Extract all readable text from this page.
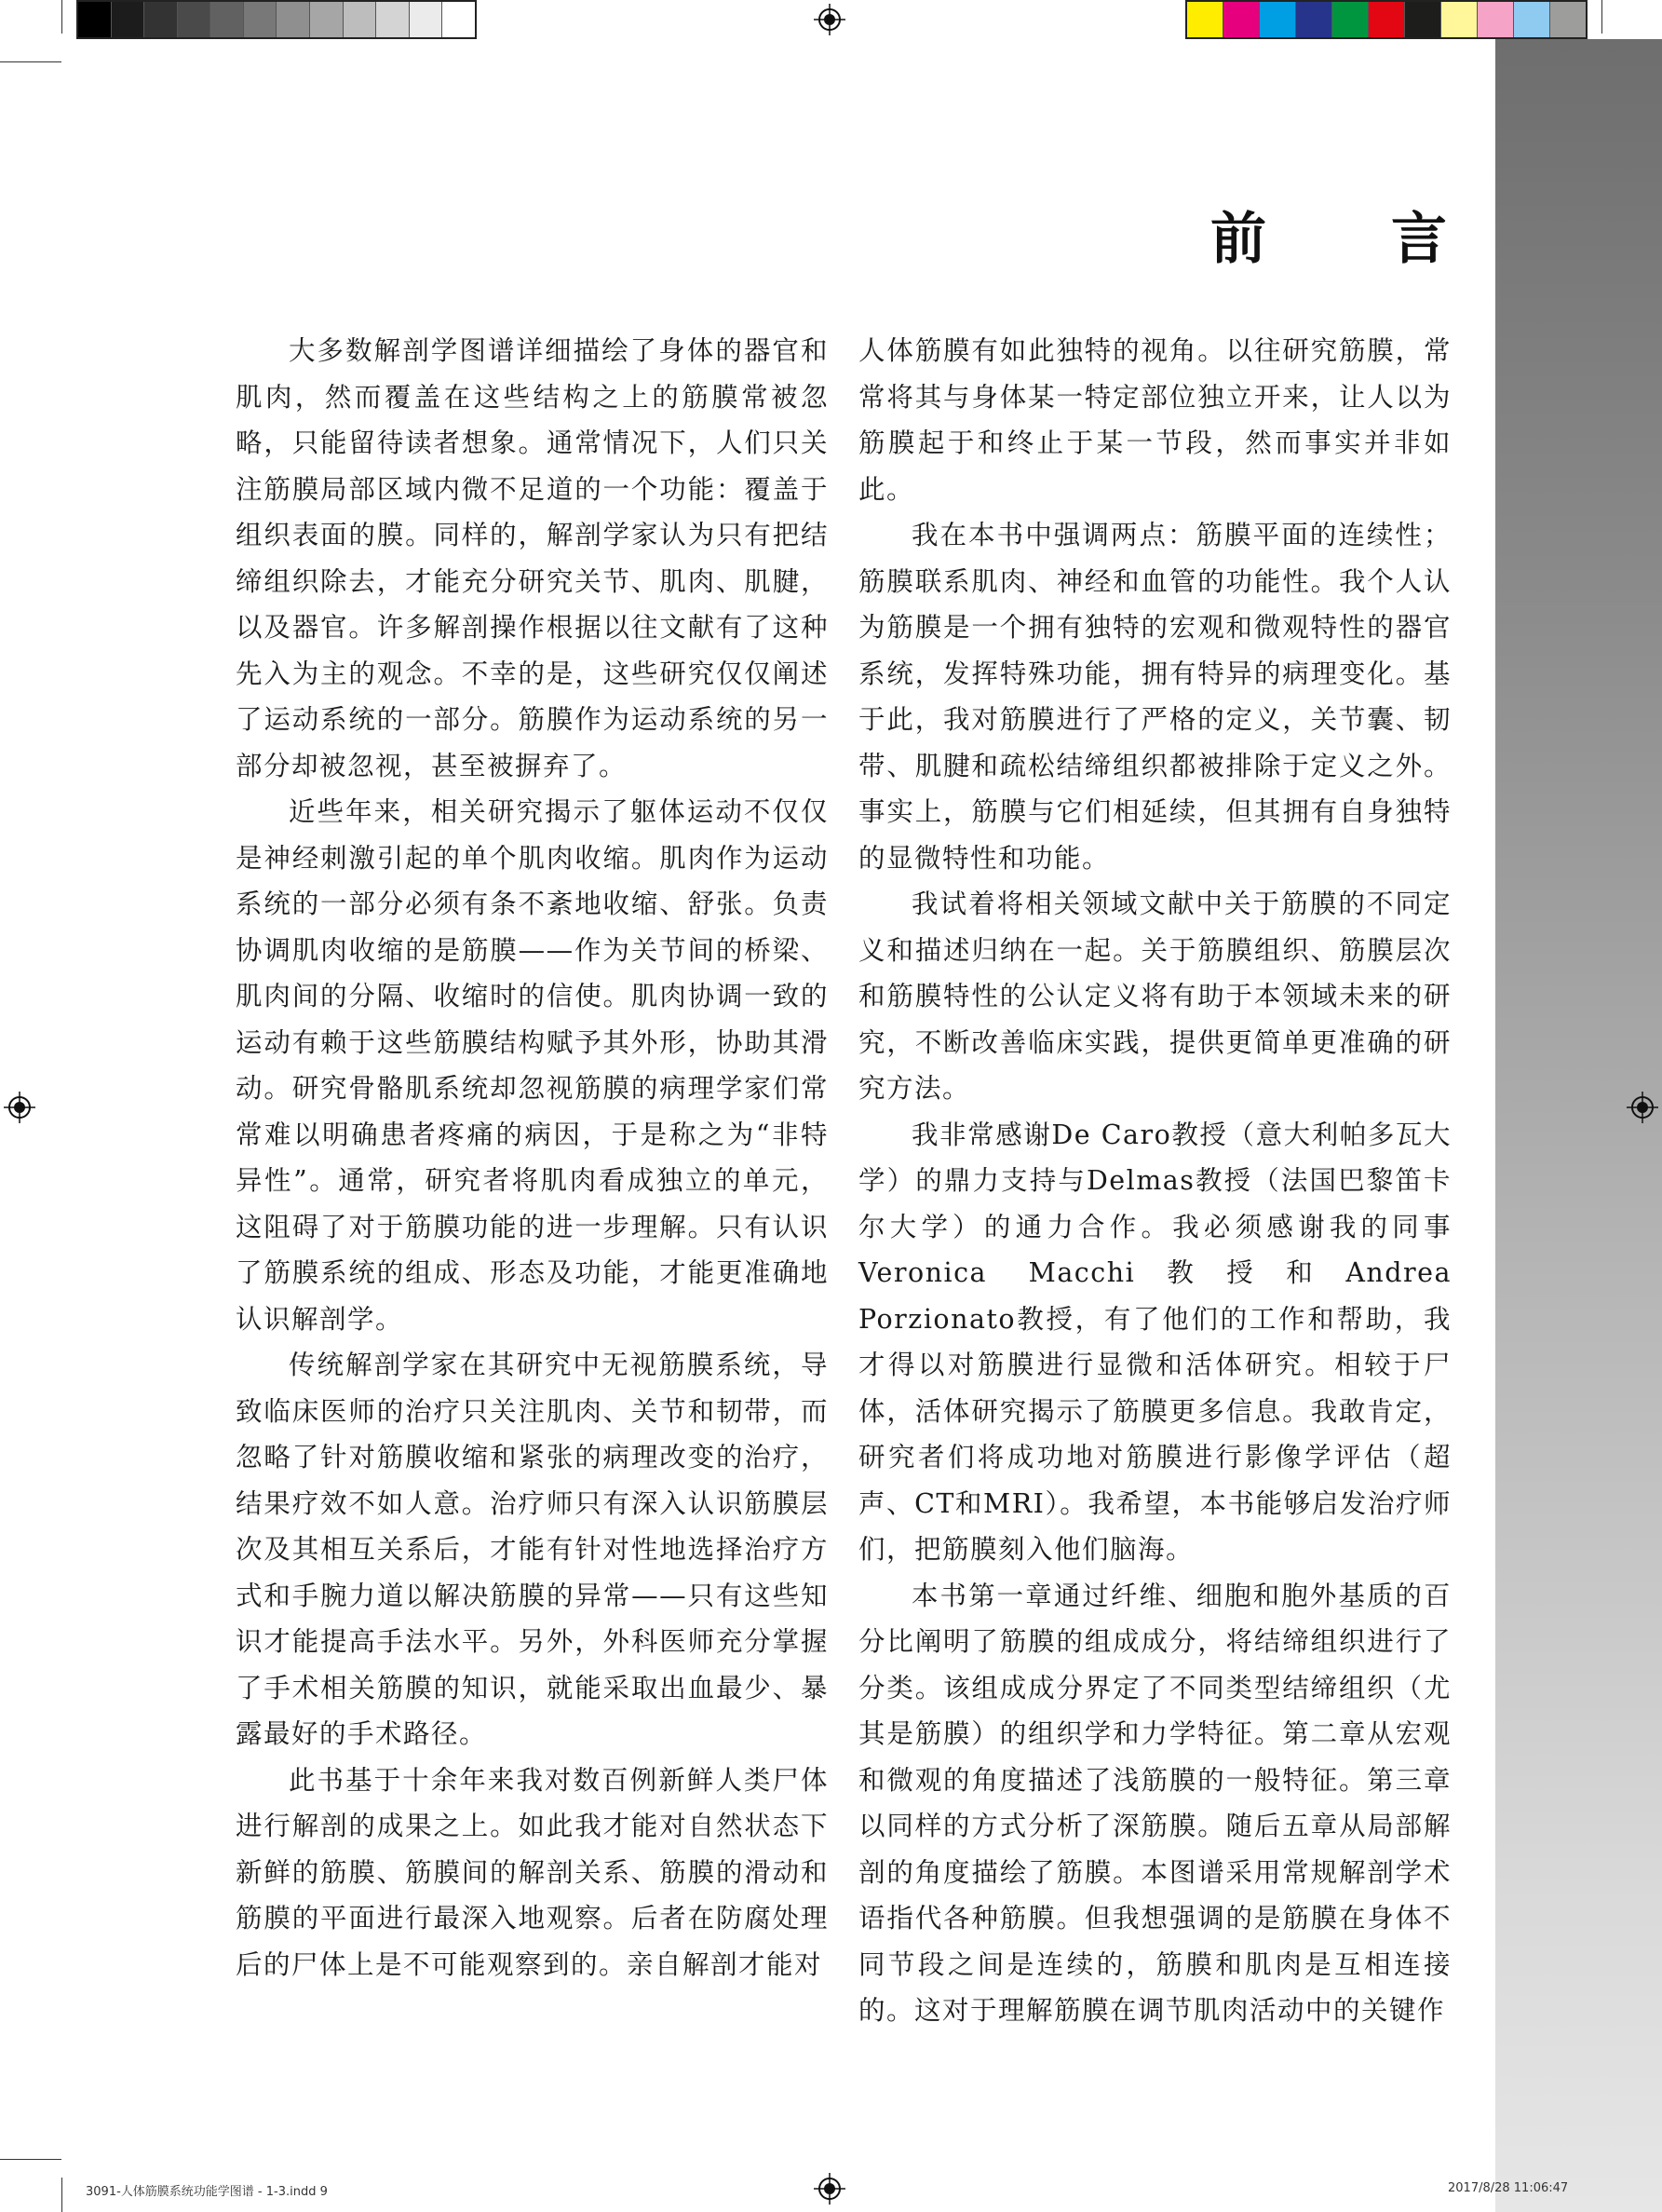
前 言

大多数解剖学图谱详细描绘了身体的器官和肌肉，然而覆盖在这些结构之上的筋膜常被忽略，只能留待读者想象。通常情况下，人们只关注筋膜局部区域内微不足道的一个功能：覆盖于组织表面的膜。同样的，解剖学家认为只有把结缔组织除去，才能充分研究关节、肌肉、肌腱，以及器官。许多解剖操作根据以往文献有了这种先入为主的观念。不幸的是，这些研究仅仅阐述了运动系统的一部分。筋膜作为运动系统的另一部分却被忽视，甚至被摒弃了。

近些年来，相关研究揭示了躯体运动不仅仅是神经刺激引起的单个肌肉收缩。肌肉作为运动系统的一部分必须有条不紊地收缩、舒张。负责协调肌肉收缩的是筋膜——作为关节间的桥梁、肌肉间的分隔、收缩时的信使。肌肉协调一致的运动有赖于这些筋膜结构赋予其外形，协助其滑动。研究骨骼肌系统却忽视筋膜的病理学家们常常难以明确患者疼痛的病因，于是称之为“非特异性”。通常，研究者将肌肉看成独立的单元，这阻碍了对于筋膜功能的进一步理解。只有认识了筋膜系统的组成、形态及功能，才能更准确地认识解剖学。

传统解剖学家在其研究中无视筋膜系统，导致临床医师的治疗只关注肌肉、关节和韧带，而忽略了针对筋膜收缩和紧张的病理改变的治疗，结果疗效不如人意。治疗师只有深入认识筋膜层次及其相互关系后，才能有针对性地选择治疗方式和手腕力道以解决筋膜的异常——只有这些知识才能提高手法水平。另外，外科医师充分掌握了手术相关筋膜的知识，就能采取出血最少、暴露最好的手术路径。

此书基于十余年来我对数百例新鲜人类尸体进行解剖的成果之上。如此我才能对自然状态下新鲜的筋膜、筋膜间的解剖关系、筋膜的滑动和筋膜的平面进行最深入地观察。后者在防腐处理后的尸体上是不可能观察到的。亲自解剖才能对

人体筋膜有如此独特的视角。以往研究筋膜，常常将其与身体某一特定部位独立开来，让人以为筋膜起于和终止于某一节段，然而事实并非如此。

我在本书中强调两点：筋膜平面的连续性；筋膜联系肌肉、神经和血管的功能性。我个人认为筋膜是一个拥有独特的宏观和微观特性的器官系统，发挥特殊功能，拥有特异的病理变化。基于此，我对筋膜进行了严格的定义，关节囊、韧带、肌腱和疏松结缔组织都被排除于定义之外。事实上，筋膜与它们相延续，但其拥有自身独特的显微特性和功能。

我试着将相关领域文献中关于筋膜的不同定义和描述归纳在一起。关于筋膜组织、筋膜层次和筋膜特性的公认定义将有助于本领域未来的研究，不断改善临床实践，提供更简单更准确的研究方法。

我非常感谢De Caro教授（意大利帕多瓦大学）的鼎力支持与Delmas教授（法国巴黎笛卡尔大学）的通力合作。我必须感谢我的同事Veronica Macchi教授和Andrea Porzionato教授，有了他们的工作和帮助，我才得以对筋膜进行显微和活体研究。相较于尸体，活体研究揭示了筋膜更多信息。我敢肯定，研究者们将成功地对筋膜进行影像学评估（超声、CT和MRI）。我希望，本书能够启发治疗师们，把筋膜刻入他们脑海。

本书第一章通过纤维、细胞和胞外基质的百分比阐明了筋膜的组成成分，将结缔组织进行了分类。该组成成分界定了不同类型结缔组织（尤其是筋膜）的组织学和力学特征。第二章从宏观和微观的角度描述了浅筋膜的一般特征。第三章以同样的方式分析了深筋膜。随后五章从局部解剖的角度描绘了筋膜。本图谱采用常规解剖学术语指代各种筋膜。但我想强调的是筋膜在身体不同节段之间是连续的，筋膜和肌肉是互相连接的。这对于理解筋膜在调节肌肉活动中的关键作

3091-人体筋膜系统功能学图谱 - 1-3.indd 9	2017/8/28 11:06:47
